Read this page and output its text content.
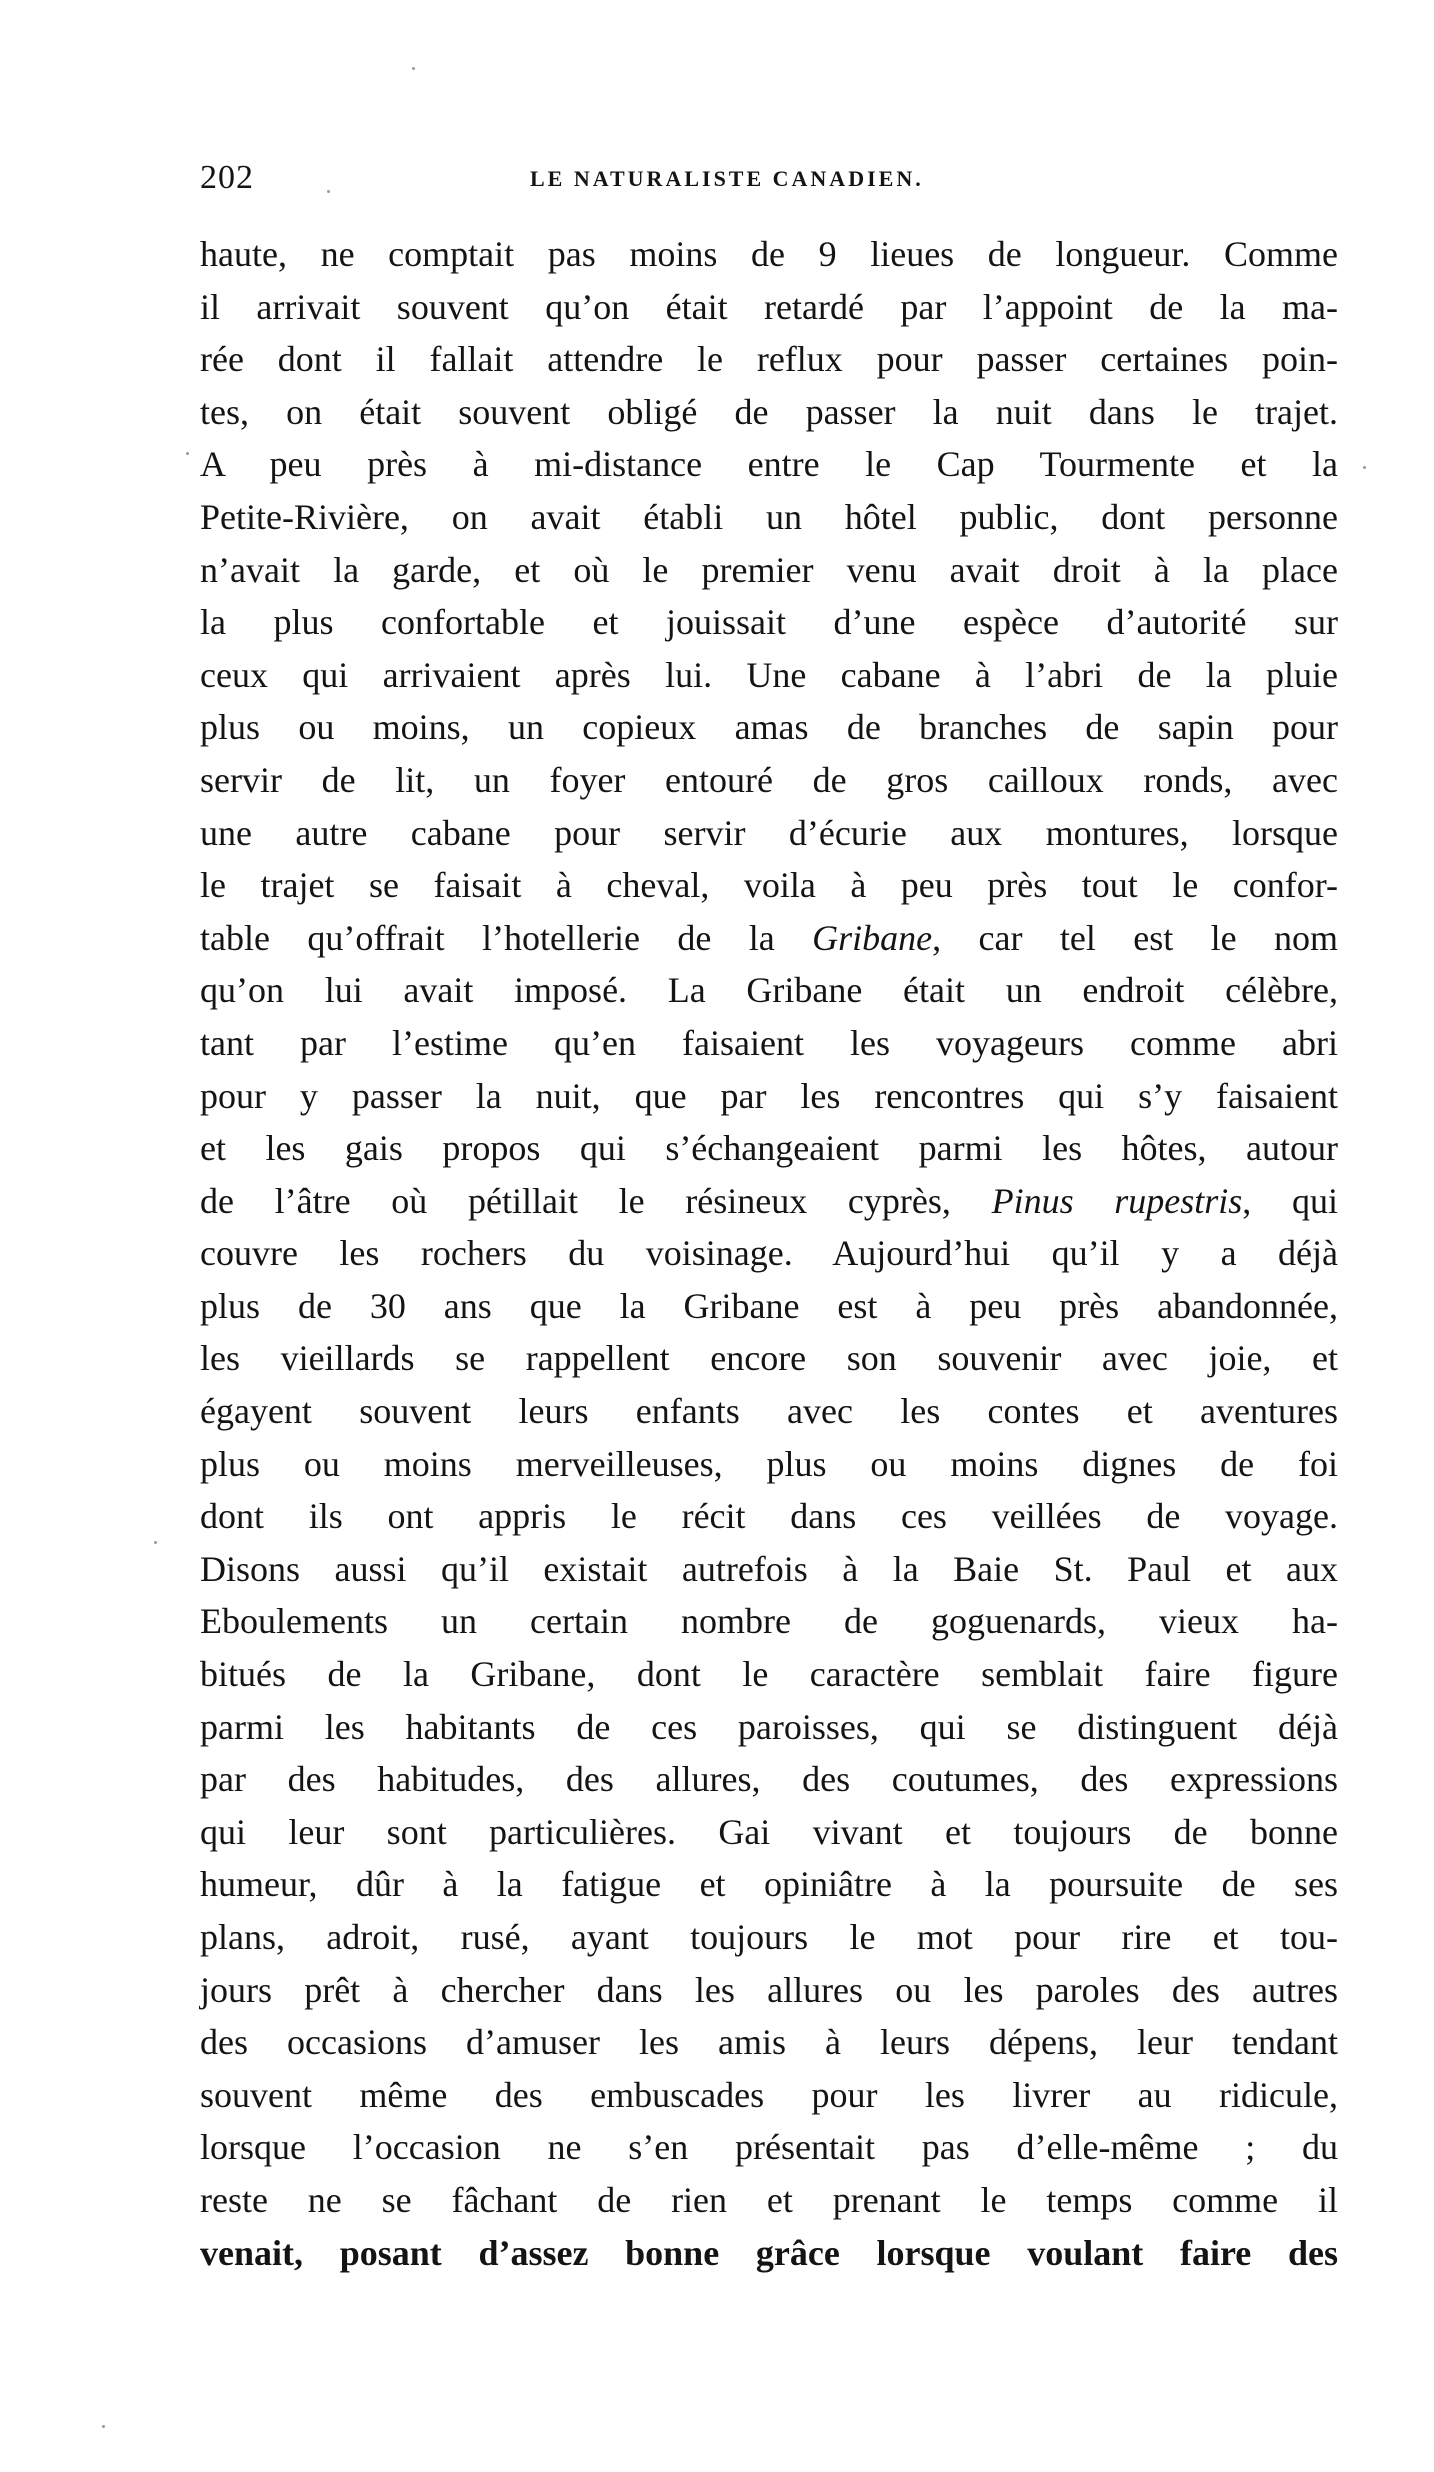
202	LE NATURALISTE CANADIEN.
haute, ne comptait pas moins de 9 lieues de longueur. Comme
il arrivait souvent qu’on était retardé par l’appoint de la ma-
rée dont il fallait attendre le reflux pour passer certaines poin-
tes, on était souvent obligé de passer la nuit dans le trajet.
A peu près à mi-distance entre le Cap Tourmente et la
Petite-Rivière, on avait établi un hôtel public, dont personne
n’avait la garde, et où le premier venu avait droit à la place
la plus confortable et jouissait d’une espèce d’autorité sur
ceux qui arrivaient après lui. Une cabane à l’abri de la pluie
plus ou moins, un copieux amas de branches de sapin pour
servir de lit, un foyer entouré de gros cailloux ronds, avec
une autre cabane pour servir d’écurie aux montures, lorsque
le trajet se faisait à cheval, voila à peu près tout le confor-
table qu’offrait l’hotellerie de la Gribane, car tel est le nom
qu’on lui avait imposé. La Gribane était un endroit célèbre,
tant par l’estime qu’en faisaient les voyageurs comme abri
pour y passer la nuit, que par les rencontres qui s’y faisaient
et les gais propos qui s’échangeaient parmi les hôtes, autour
de l’âtre où pétillait le résineux cyprès, Pinus rupestris, qui
couvre les rochers du voisinage. Aujourd’hui qu’il y a déjà
plus de 30 ans que la Gribane est à peu près abandonnée,
les vieillards se rappellent encore son souvenir avec joie, et
égayent souvent leurs enfants avec les contes et aventures
plus ou moins merveilleuses, plus ou moins dignes de foi
dont ils ont appris le récit dans ces veillées de voyage.
Disons aussi qu’il existait autrefois à la Baie St. Paul et aux
Eboulements un certain nombre de goguenards, vieux ha-
bitués de la Gribane, dont le caractère semblait faire figure
parmi les habitants de ces paroisses, qui se distinguent déjà
par des habitudes, des allures, des coutumes, des expressions
qui leur sont particulières. Gai vivant et toujours de bonne
humeur, dûr à la fatigue et opiniâtre à la poursuite de ses
plans, adroit, rusé, ayant toujours le mot pour rire et tou-
jours prêt à chercher dans les allures ou les paroles des autres
des occasions d’amuser les amis à leurs dépens, leur tendant
souvent même des embuscades pour les livrer au ridicule,
lorsque l’occasion ne s’en présentait pas d’elle-même ; du
reste ne se fâchant de rien et prenant le temps comme il
venait, posant d’assez bonne grâce lorsque voulant faire des
